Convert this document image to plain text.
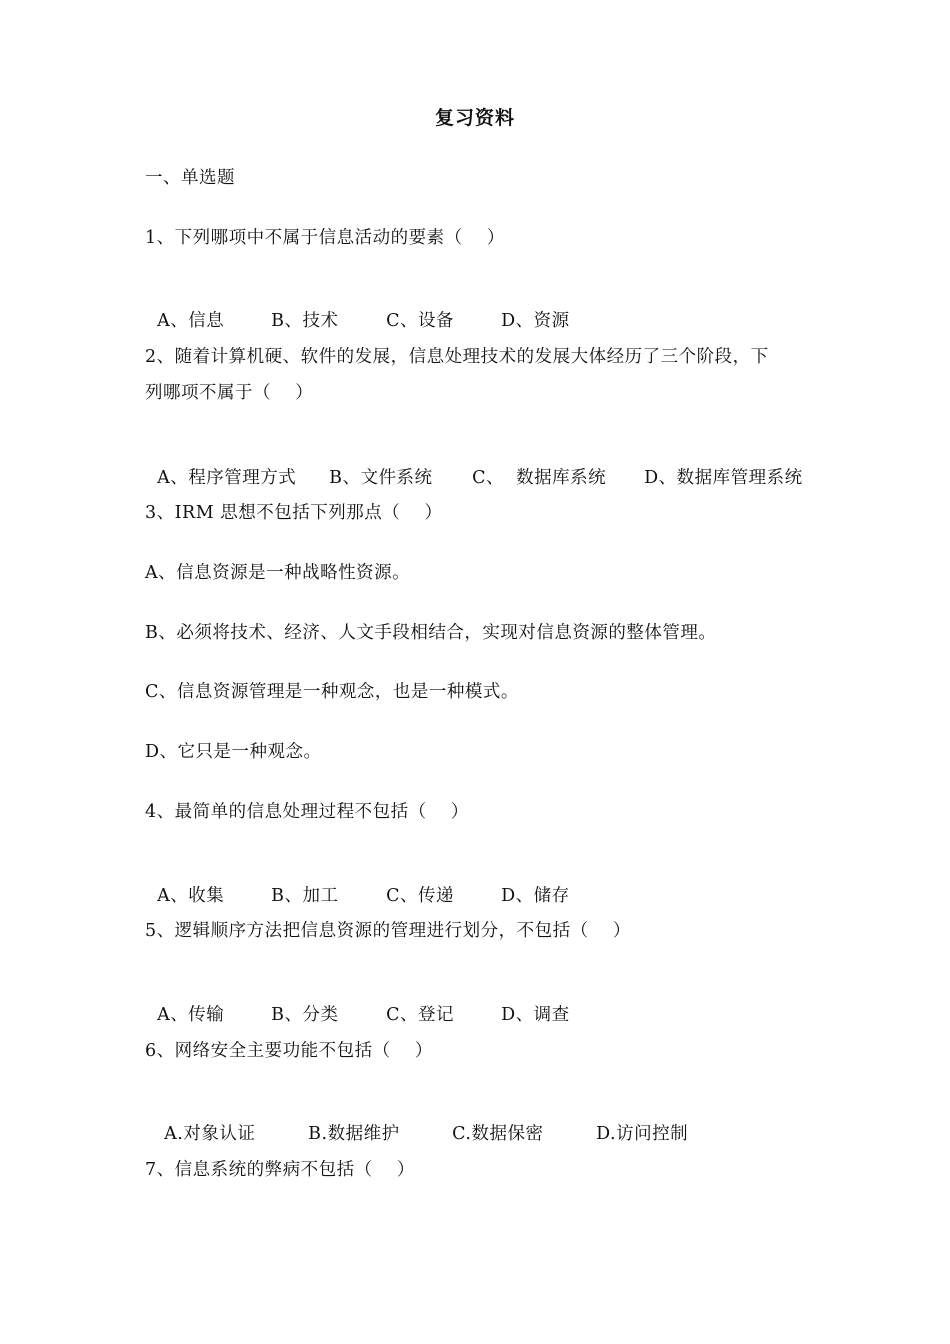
复习资料
一、单选题
1、下列哪项中不属于信息活动的要素（    ）

A、信息	B、技术	C、设备	D、资源

2、随着计算机硬、软件的发展，信息处理技术的发展大体经历了三个阶段，下
列哪项不属于（    ）

A、程序管理方式 B、文件系统 C、  数据库系统 D、数据库管理系统

3、IRM 思想不包括下列那点（    ）
A、信息资源是一种战略性资源。
B、必须将技术、经济、人文手段相结合，实现对信息资源的整体管理。
C、信息资源管理是一种观念，也是一种模式。
D、它只是一种观念。
4、最简单的信息处理过程不包括（    ）

A、收集	B、加工	C、传递	D、储存

5、逻辑顺序方法把信息资源的管理进行划分，不包括（    ）

A、传输	B、分类	C、登记	D、调查

6、网络安全主要功能不包括（    ）

A.对象认证	B.数据维护	C.数据保密	D.访问控制

7、信息系统的弊病不包括（    ）
